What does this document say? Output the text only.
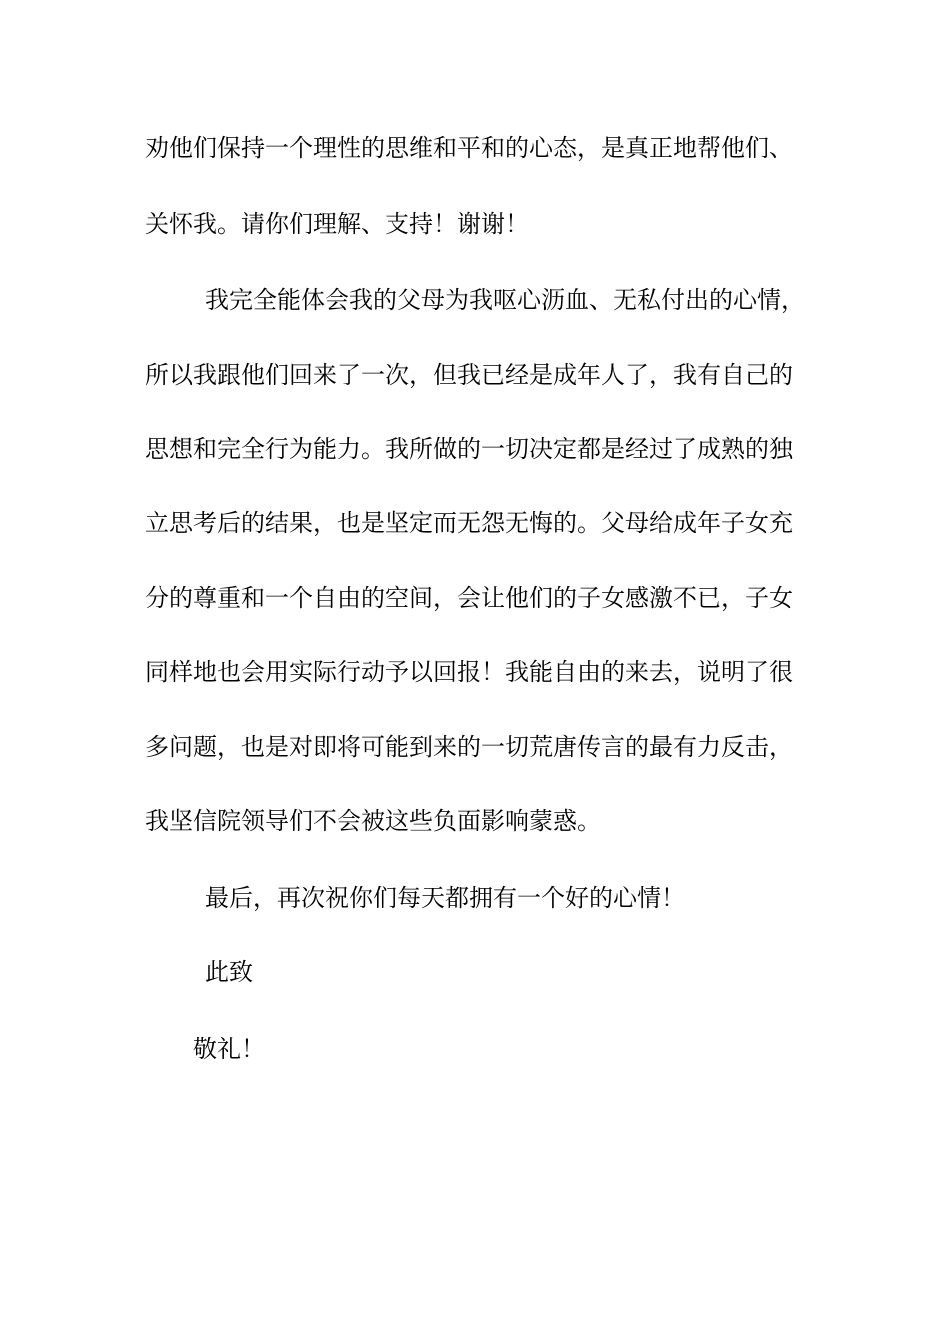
劝他们保持一个理性的思维和平和的心态，是真正地帮他们、
关怀我。请你们理解、支持！谢谢！
我完全能体会我的父母为我呕心沥血、无私付出的心情，
所以我跟他们回来了一次，但我已经是成年人了，我有自己的
思想和完全行为能力。我所做的一切决定都是经过了成熟的独
立思考后的结果，也是坚定而无怨无悔的。父母给成年子女充
分的尊重和一个自由的空间，会让他们的子女感激不已，子女
同样地也会用实际行动予以回报！我能自由的来去，说明了很
多问题，也是对即将可能到来的一切荒唐传言的最有力反击，
我坚信院领导们不会被这些负面影响蒙惑。
最后，再次祝你们每天都拥有一个好的心情！
此致
敬礼！
